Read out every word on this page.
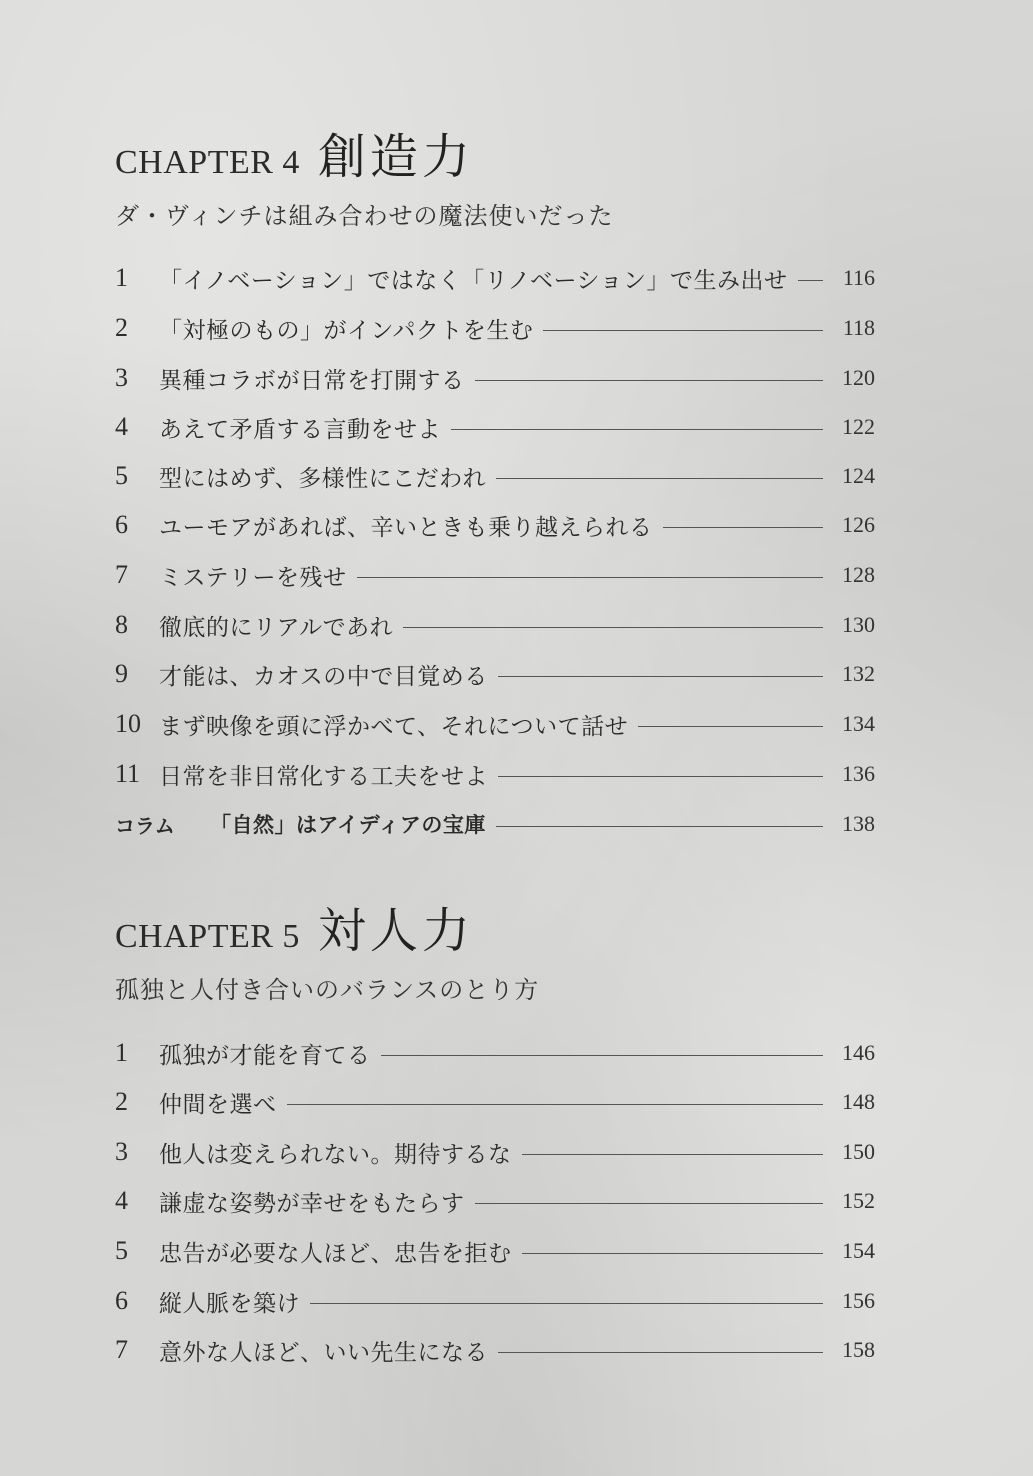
CHAPTER 4 創造力
ダ・ヴィンチは組み合わせの魔法使いだった
1	「イノベーション」ではなく「リノベーション」で生み出せ	116
2	「対極のもの」がインパクトを生む	118
3	異種コラボが日常を打開する	120
4	あえて矛盾する言動をせよ	122
5	型にはめず、多様性にこだわれ	124
6	ユーモアがあれば、辛いときも乗り越えられる	126
7	ミステリーを残せ	128
8	徹底的にリアルであれ	130
9	才能は、カオスの中で目覚める	132
10 まず映像を頭に浮かべて、それについて話せ	134
11 日常を非日常化する工夫をせよ	136
コラム	「自然」はアイディアの宝庫	138
CHAPTER 5 対人力
孤独と人付き合いのバランスのとり方
1	孤独が才能を育てる	146
2	仲間を選べ	148
3	他人は変えられない。期待するな	150
4	謙虚な姿勢が幸せをもたらす	152
5	忠告が必要な人ほど、忠告を拒む	154
6	縦人脈を築け	156
7	意外な人ほど、いい先生になる	158
